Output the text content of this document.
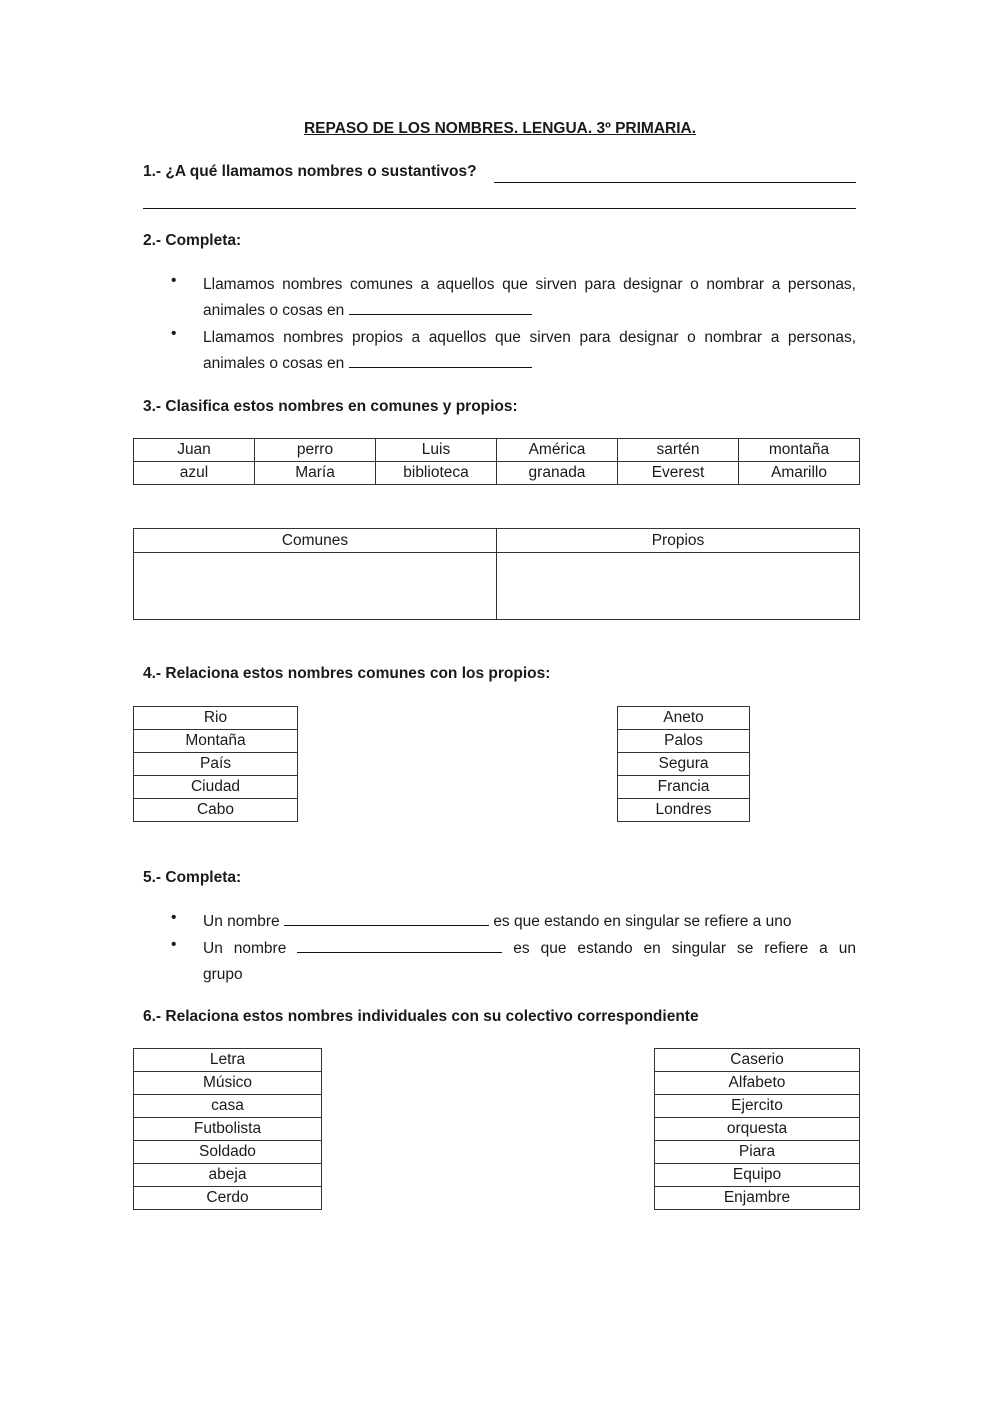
REPASO DE LOS NOMBRES. LENGUA. 3º PRIMARIA.
1.- ¿A qué llamamos nombres o sustantivos?
2.- Completa:
• Llamamos nombres comunes a aquellos que sirven para designar o nombrar a personas, animales o cosas en
• Llamamos nombres propios a aquellos que sirven para designar o nombrar a personas, animales o cosas en
3.- Clasifica estos nombres en comunes y propios:
Juan	perro	Luis	América	sartén	montaña
azul	María	biblioteca	granada	Everest	Amarillo
Comunes	Propios

4.- Relaciona estos nombres comunes con los propios:
Rio
Montaña
País
Ciudad
Cabo
Aneto
Palos
Segura
Francia
Londres
5.- Completa:
• Un nombre	es que estando en singular se refiere a uno
• Un nombre	es que estando en singular se refiere a un
grupo
6.- Relaciona estos nombres individuales con su colectivo correspondiente
Letra
Músico
casa
Futbolista
Soldado
abeja
Cerdo
Caserio
Alfabeto
Ejercito
orquesta
Piara
Equipo
Enjambre
